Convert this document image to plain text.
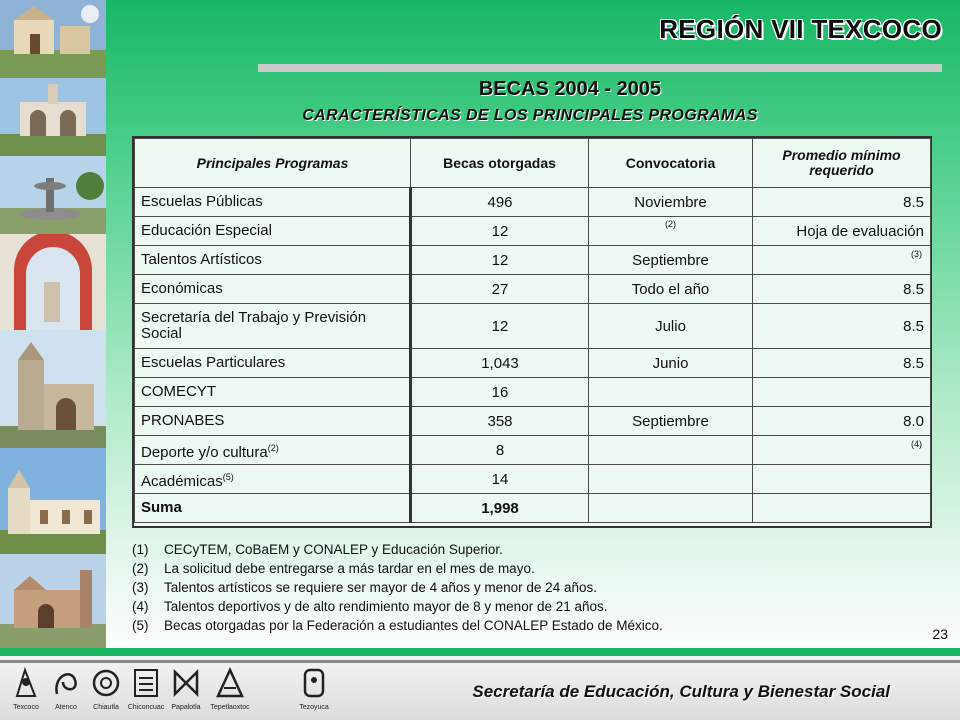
REGIÓN VII TEXCOCO
BECAS 2004 - 2005
CARACTERÍSTICAS DE LOS PRINCIPALES PROGRAMAS
Principales Programas	Becas otorgadas	Convocatoria	Promedio mínimo requerido
Escuelas Públicas	496	Noviembre	8.5
Educación Especial	12	(2)	Hoja de evaluación
Talentos Artísticos	12	Septiembre	(3)

Económicas	27	Todo el año	8.5
Secretaría del Trabajo y Previsión Social	12	Julio	8.5
Escuelas Particulares	1,043	Junio	8.5
COMECYT	16		
PRONABES	358	Septiembre	8.0
Deporte y/o cultura$^{(2)}$	8		(4)

Académicas$^{(5)}$	14		
Suma	1,998		
(1) CECyTEM, CoBaEM y CONALEP y Educación Superior.
(2) La solicitud debe entregarse a más tardar en el mes de mayo.
(3) Talentos artísticos se requiere ser mayor de 4 años y menor de 24 años.
(4) Talentos deportivos y de alto rendimiento mayor de 8 y menor de 21 años.
(5) Becas otorgadas por la Federación a estudiantes del CONALEP Estado de México.
23
Texcoco	Atenco	Chiautla	Chiconcuac	Papalotla	Tepetlaoxtoc	Tezoyuca
Secretaría de Educación, Cultura y Bienestar Social
